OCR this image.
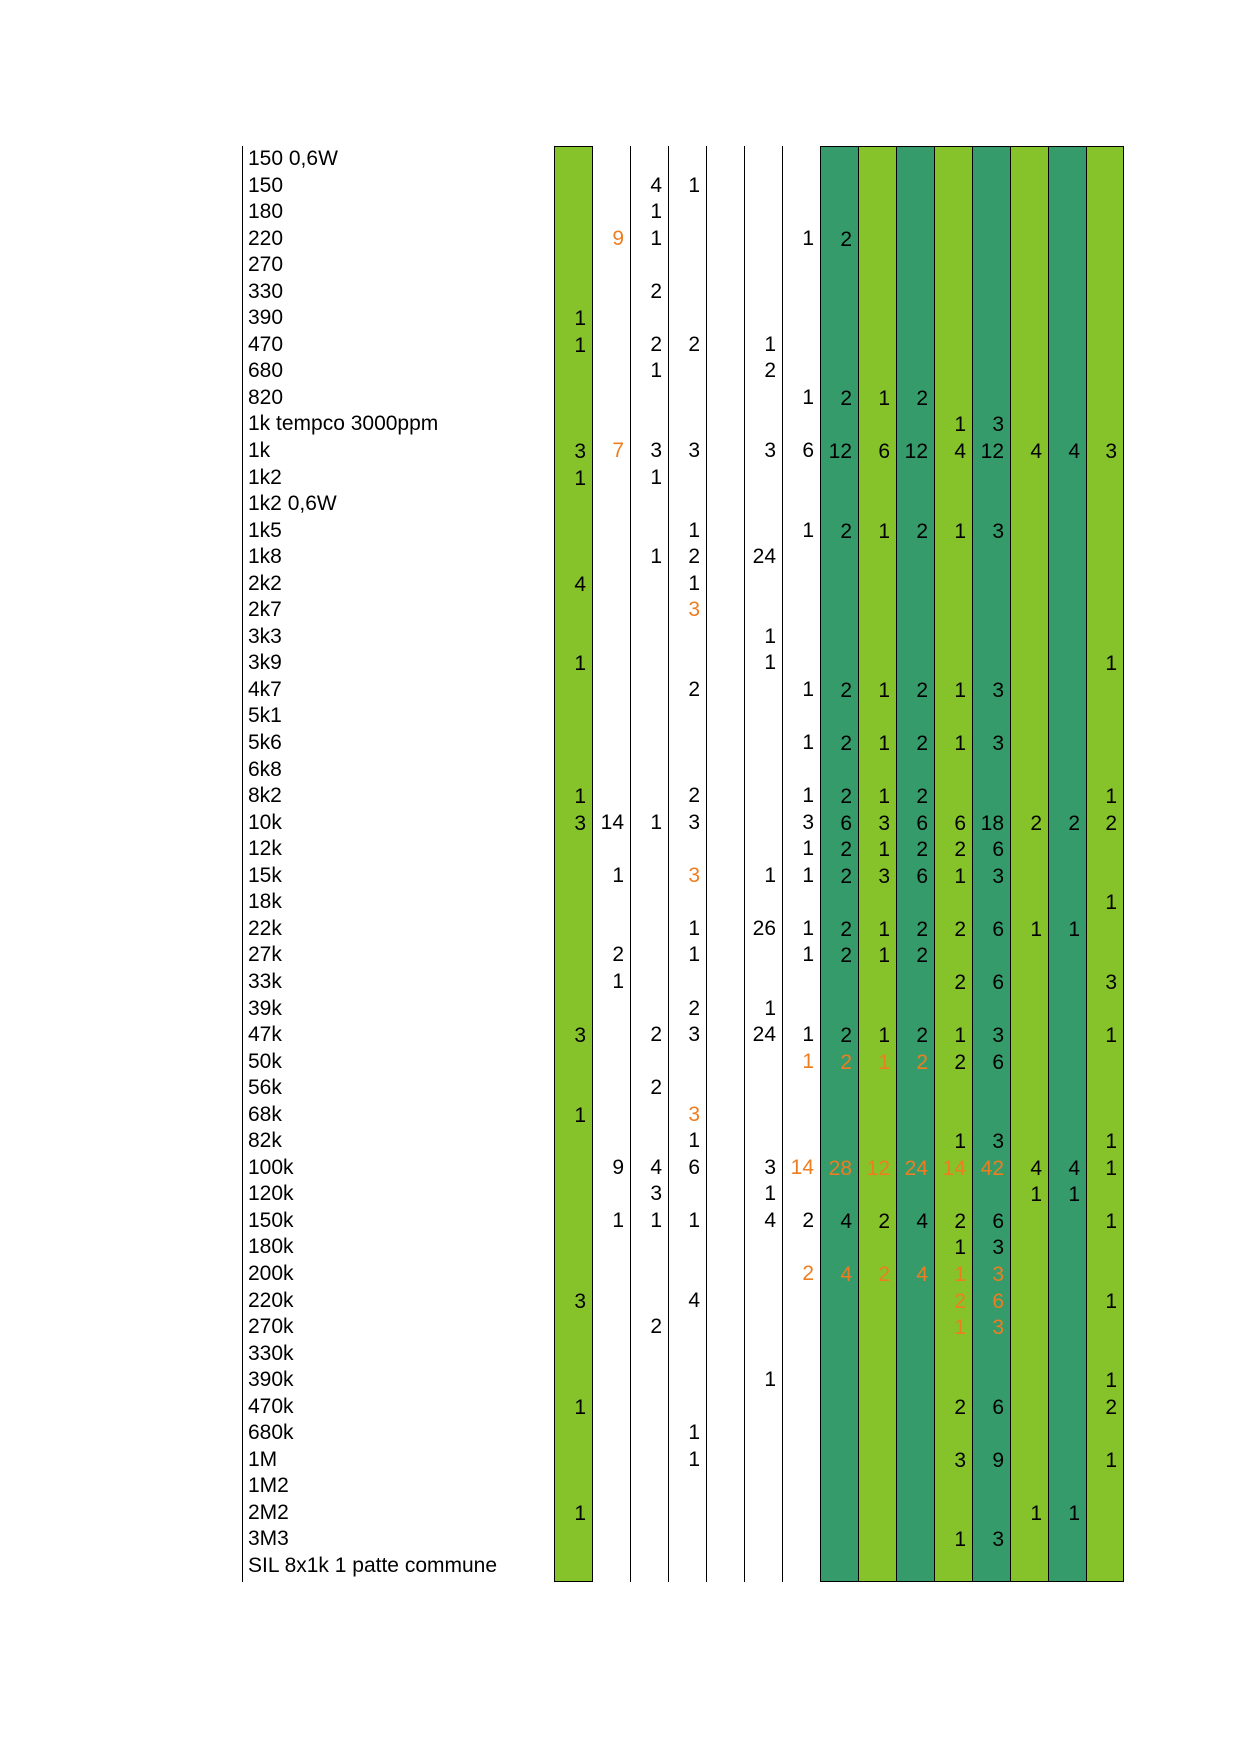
150 0,6W
150
180
220
270
330
390
470
680
820
1k tempco 3000ppm
1k
1k2
1k2 0,6W
1k5
1k8
2k2
2k7
3k3
3k9
4k7
5k1
5k6
6k8
8k2
10k
12k
15k
18k
22k
27k
33k
39k
47k
50k
56k
68k
82k
100k
120k
150k
180k
200k
220k
270k
330k
390k
470k
680k
1M
1M2
2M2
3M3
SIL 8x1k 1 patte commune
1
1
3
1
4
1
1
3
3
1
3
1
1
9
7
14
1
2
1
9
1
4
1
1
2
2
1
3
1
1
1
2
2
4
3
1
2
1
2
3
1
2
1
3
2
2
3
3
1
1
2
3
3
1
6
1
4
1
1
1
2
3
24
1
1
1
26
1
24
3
1
4
1
1
1
6
1
1
1
1
3
1
1
1
1
1
1
14
2
2
2
2
12
2
2
2
2
6
2
2
2
2
2
2
28
4
4
1
6
1
1
1
1
3
1
3
1
1
1
1
12
2
2
2
12
2
2
2
2
6
2
6
2
2
2
2
24
4
4
1
4
1
1
1
6
2
1
2
2
1
2
1
14
2
1
1
2
1
2
3
1
3
12
3
3
3
18
6
3
6
6
3
6
3
42
6
3
3
6
3
6
9
3
4
2
1
4
1
1
4
2
1
4
1
1
3
1
1
2
1
3
1
1
1
1
1
1
2
1
